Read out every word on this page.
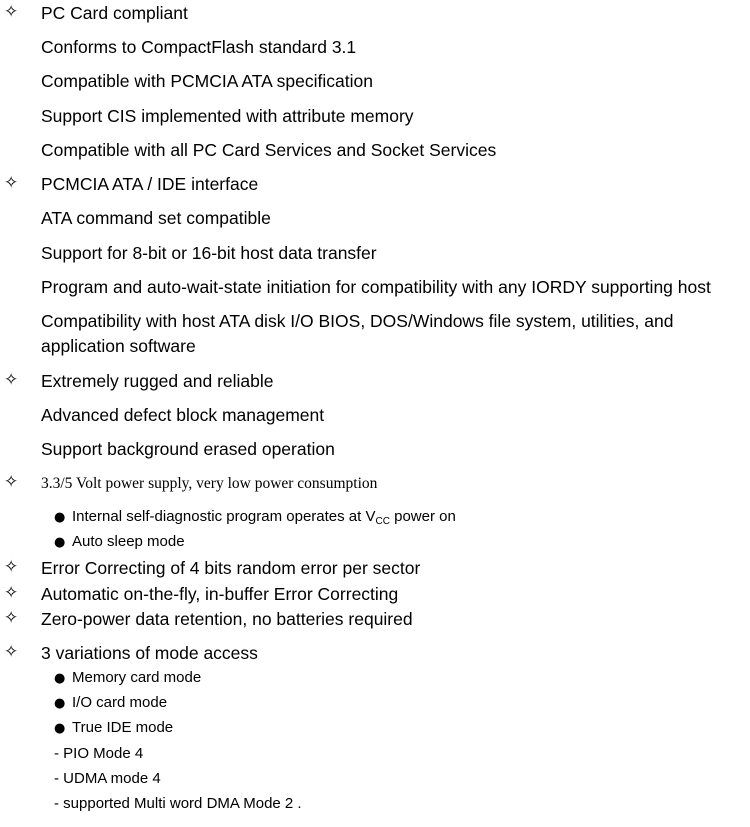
✧ PC Card compliant
Conforms to CompactFlash standard 3.1
Compatible with PCMCIA ATA specification
Support CIS implemented with attribute memory
Compatible with all PC Card Services and Socket Services
✧ PCMCIA ATA / IDE interface
ATA command set compatible
Support for 8-bit or 16-bit host data transfer
Program and auto-wait-state initiation for compatibility with any IORDY supporting host
Compatibility with host ATA disk I/O BIOS, DOS/Windows file system, utilities, and
application software
✧ Extremely rugged and reliable
Advanced defect block management
Support background erased operation
✧ 3.3/5 Volt power supply, very low power consumption
● Internal self-diagnostic program operates at $V_{CC}$ power on
● Auto sleep mode
✧ Error Correcting of 4 bits random error per sector
✧ Automatic on-the-fly, in-buffer Error Correcting
✧ Zero-power data retention, no batteries required
✧ 3 variations of mode access
● Memory card mode
● I/O card mode
● True IDE mode
- PIO Mode 4
- UDMA mode 4
- supported Multi word DMA Mode 2 .
